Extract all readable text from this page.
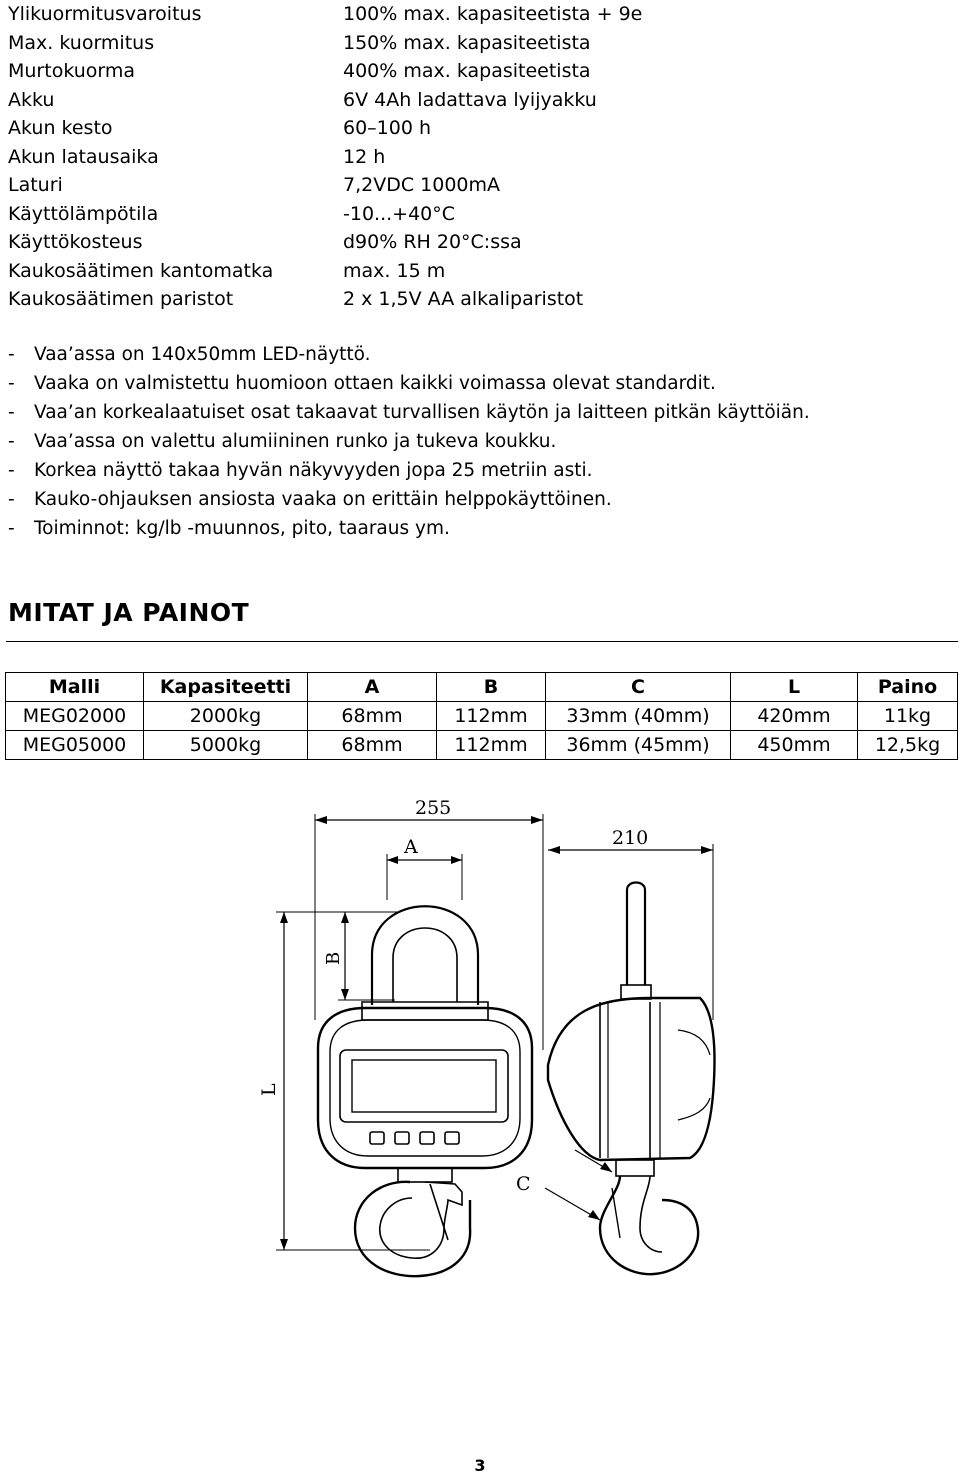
Ylikuormitusvaroitus	100% max. kapasiteetista + 9e
Max. kuormitus	150% max. kapasiteetista
Murtokuorma	400% max. kapasiteetista
Akku	6V 4Ah ladattava lyijyakku
Akun kesto	60–100 h
Akun latausaika	12 h
Laturi	7,2VDC 1000mA
Käyttölämpötila	-10...+40°C
Käyttökosteus	d90% RH 20°C:ssa
Kaukosäätimen kantomatka	max. 15 m
Kaukosäätimen paristot	2 x 1,5V AA alkaliparistot
- Vaa’assa on 140x50mm LED-näyttö.
- Vaaka on valmistettu huomioon ottaen kaikki voimassa olevat standardit.
- Vaa’an korkealaatuiset osat takaavat turvallisen käytön ja laitteen pitkän käyttöiän.
- Vaa’assa on valettu alumiininen runko ja tukeva koukku.
- Korkea näyttö takaa hyvän näkyvyyden jopa 25 metriin asti.
- Kauko-ohjauksen ansiosta vaaka on erittäin helppokäyttöinen.
- Toiminnot: kg/lb -muunnos, pito, taaraus ym.
MITAT JA PAINOT
Malli	Kapasiteetti	A	B	C	L	Paino
MEG02000	2000kg	68mm	112mm	33mm (40mm)	420mm	11kg
MEG05000	5000kg	68mm	112mm	36mm (45mm)	450mm	12,5kg
255
A
B
L
210
C
3
